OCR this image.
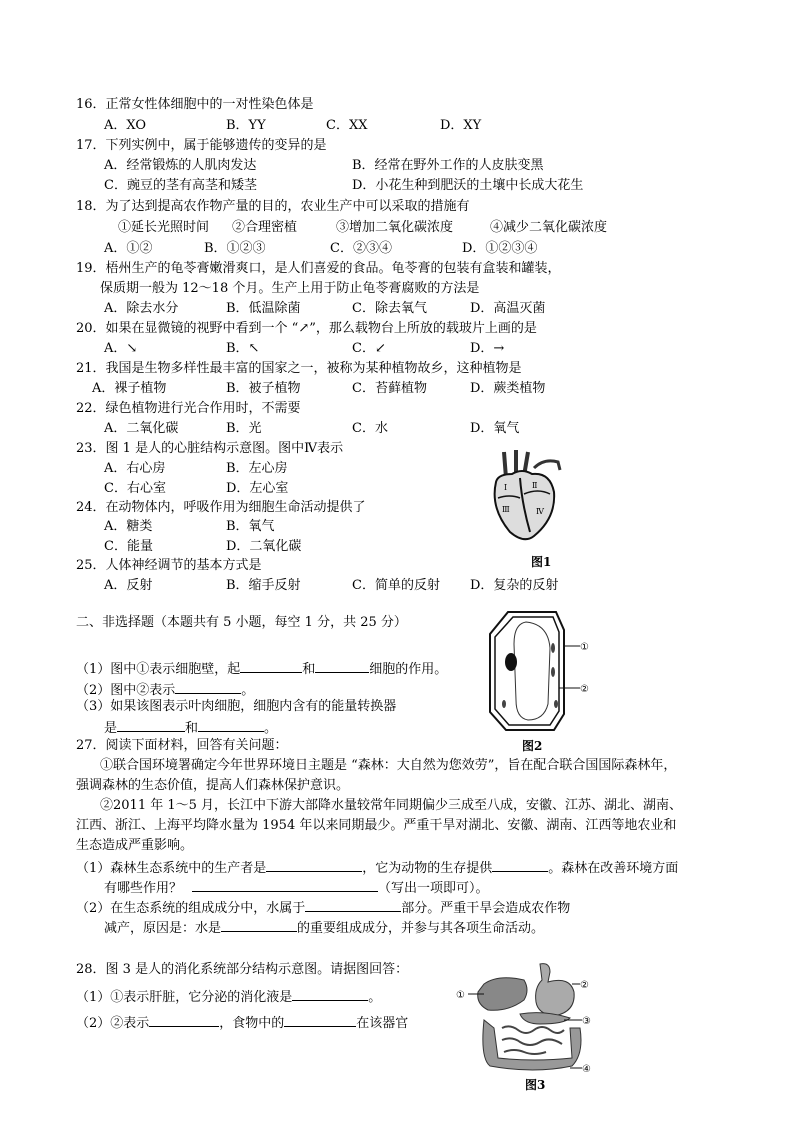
16．正常女性体细胞中的一对性染色体是
A．XO	B．YY	C．XX	D．XY
17．下列实例中，属于能够遗传的变异的是
A．经常锻炼的人肌肉发达	B．经常在野外工作的人皮肤变黑
C．豌豆的茎有高茎和矮茎	D．小花生种到肥沃的土壤中长成大花生
18．为了达到提高农作物产量的目的，农业生产中可以采取的措施有
①延长光照时间 ②合理密植	③增加二氧化碳浓度	④减少二氧化碳浓度
A．①②	B．①②③	C．②③④	D．①②③④
19．梧州生产的龟苓膏嫩滑爽口，是人们喜爱的食品。龟苓膏的包装有盒装和罐装，
保质期一般为 12～18 个月。生产上用于防止龟苓膏腐败的方法是
A．除去水分	B．低温除菌	C．除去氧气	D．高温灭菌
20．如果在显微镜的视野中看到一个 “↗”，那么载物台上所放的载玻片上画的是
A．↘	B．↖	C．↙	D．→
21．我国是生物多样性最丰富的国家之一，被称为某种植物故乡，这种植物是
A．裸子植物	B．被子植物	C．苔藓植物	D．蕨类植物
22．绿色植物进行光合作用时，不需要
A．二氧化碳	B．光	C．水	D．氧气
23．图 1 是人的心脏结构示意图。图中Ⅳ表示
A．右心房	B．左心房
C．右心室	D．左心室
24．在动物体内，呼吸作用为细胞生命活动提供了
A．糖类	B．氧气
C．能量	D．二氧化碳
25．人体神经调节的基本方式是
A．反射	B．缩手反射	C．简单的反射 D．复杂的反射
Ⅰ	Ⅱ
Ⅲ	Ⅳ
图1
二、非选择题（本题共有 5 小题，每空 1 分，共 25 分）
（1）图中①表示细胞壁，起	和	细胞的作用。
（2）图中②表示	。
（3）如果该图表示叶肉细胞，细胞内含有的能量转换器
是	和	。
①
②
图2
27．阅读下面材料，回答有关问题：
①联合国环境署确定今年世界环境日主题是 “森林：大自然为您效劳”，旨在配合联合国国际森林年，
强调森林的生态价值，提高人们森林保护意识。
②2011 年 1～5 月，长江中下游大部降水量较常年同期偏少三成至八成，安徽、江苏、湖北、湖南、
江西、浙江、上海平均降水量为 1954 年以来同期最少。严重干旱对湖北、安徽、湖南、江西等地农业和
生态造成严重影响。
（1）森林生态系统中的生产者是	，它为动物的生存提供	。森林在改善环境方面
有哪些作用？	（写出一项即可）。
（2）在生态系统的组成成分中，水属于	部分。严重干旱会造成农作物
减产，原因是：水是	的重要组成成分，并参与其各项生命活动。
28．图 3 是人的消化系统部分结构示意图。请据图回答：
（1）①表示肝脏，它分泌的消化液是	。
（2）②表示	，食物中的	在该器官
①
②
③
④
图3
